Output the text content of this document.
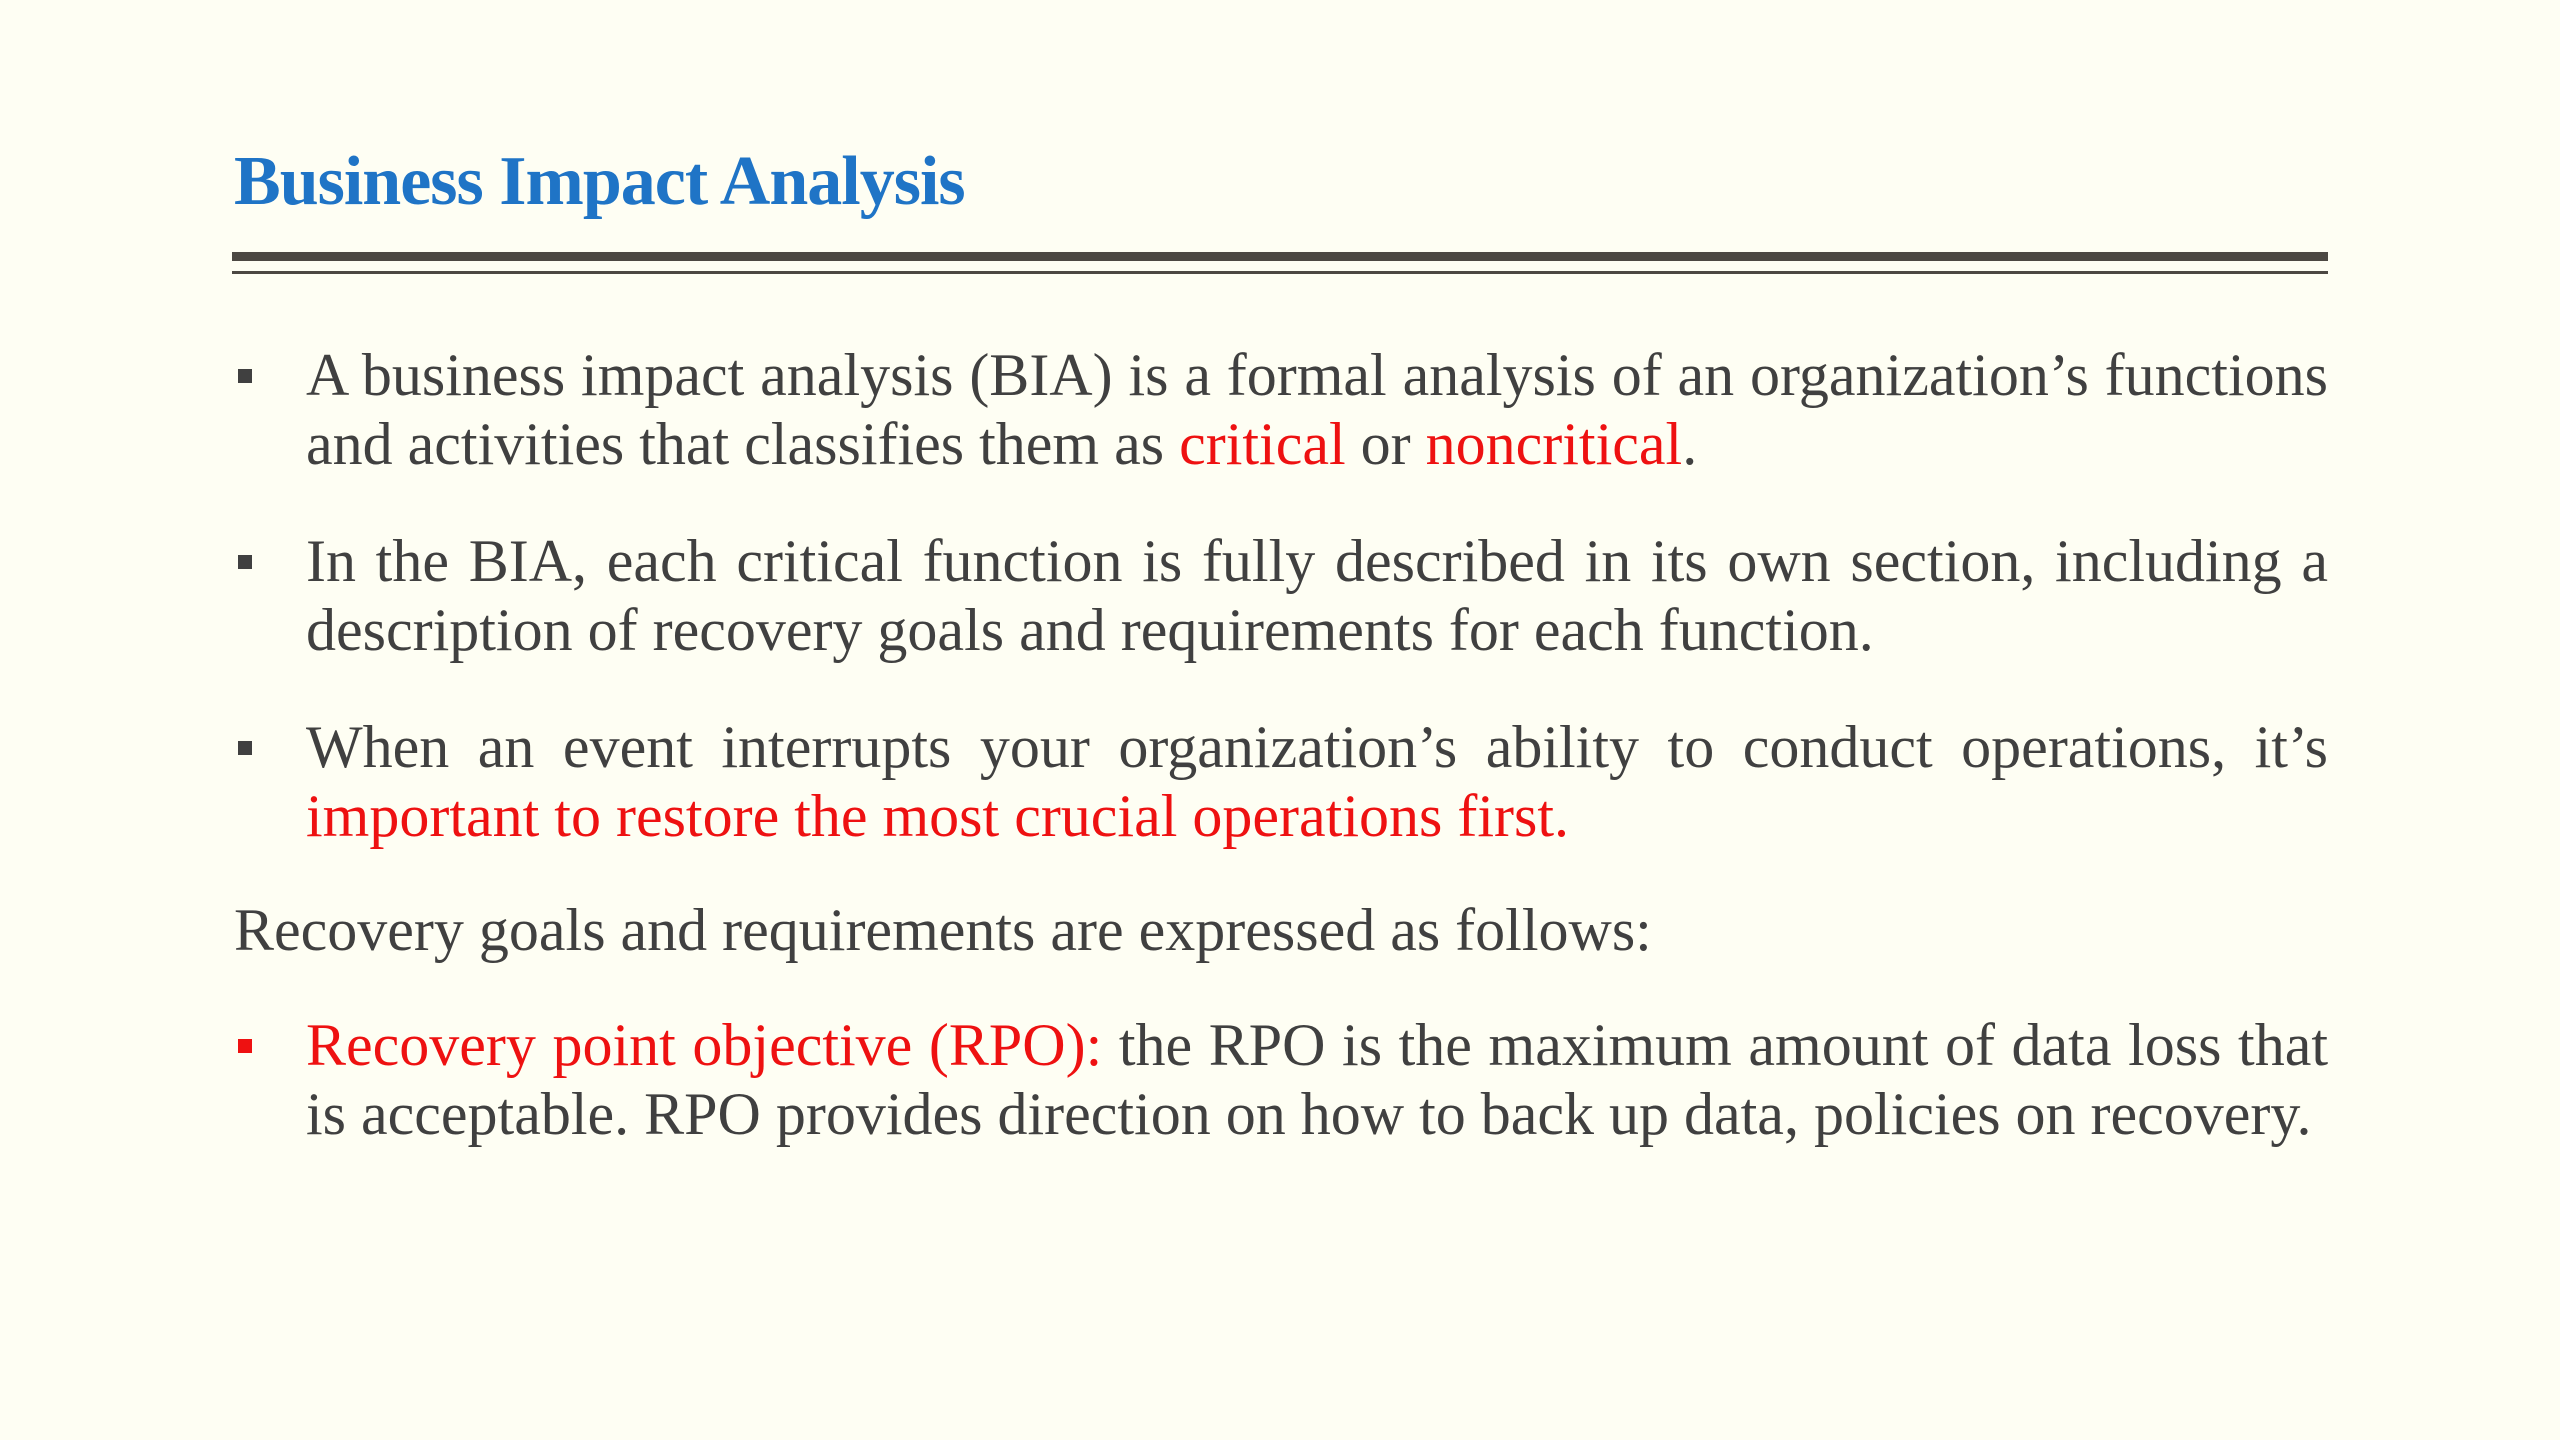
Business Impact Analysis

A business impact analysis (BIA) is a formal analysis of an organization’s functions and activities that classifies them as critical or noncritical.

In the BIA, each critical function is fully described in its own section, including a description of recovery goals and requirements for each function.

When an event interrupts your organization’s ability to conduct operations, it’s important to restore the most crucial operations first.

Recovery goals and requirements are expressed as follows:

Recovery point objective (RPO): the RPO is the maximum amount of data loss that is acceptable. RPO provides direction on how to back up data, policies on recovery.
